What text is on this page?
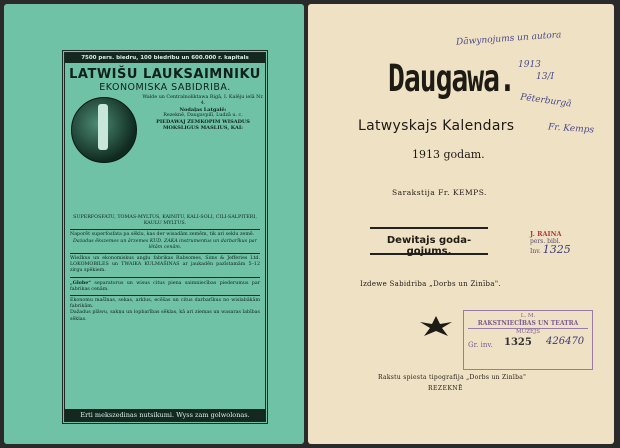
7500 pers. biedru, 100 biedrību un 600.000 r. kapitals
LATWIŠU LAUKSAIMNIKU
EKONOMISKA SABIDRIBA.
Walde un Centralnoliktawa Rigā, I. Kalēju ielā Nr. 4.
Nodaļas Latgalē:
Rezeknē, Daugavpilī, Ludzā u. c.
PIEDAWAJ ZEMKOPIM WISADUS MOKSLIGUS MASLIUS, KAI:
SUPERFOSFATU, TOMAS-MYLTUS, KAINITU, KALI-SOLI, CILI-SALPITERI, KAULU MYLTUS.
Naporēt superfosfata pa sēklu, kas der wisadām zemēm, tik ari seklu zemē.
Dażadus ēkszemes un ārzemes KUD. ZAKA instrumentus un darbarīkus par lētām cenām.
Wiežkus un ekonomiskus angļu fabrikas Rabsomes, Sims & Jefferies Ltd. LOKOMOBILES un TWAIKA KULMAŠINAS ar jaukadēn pazīstamām 5–12 zirgu spēkiem.
„Globe“ separatorus un wisus citus piena saimniecības piederumus par fabrikas cenām.
Ekonomu mašīnas, sekas, arklus, ecēšas un citus darbarīkus no wislabākām fabrikām.
Dažadus plāwu, sakņu un lopbarības sēklas, kā ari ziemas un wasaras labības sēklas.
Erti mekszedinas nutsikumi. Wyss zam golwolonas.
Dāwynojums un autora
1913
13/I
Pēterburgā
Fr. Kemps
Daugawa.
Latwyskajs Kalendars
1913 godam.
Sarakstija Fr. KEMPS.
Dewitajs goda-gojums.
J. RAINA
pers. bibl.
Inv. 1325
Izdewe Sabidriba „Dorbs un Zinība".
L. M.
RAKSTNIECĪBAS UN TEATRA
MUZEJS
Gr. inv. 1325 426470
Rakstu spiesta tipografija „Dorbs un Zinība"
REZEKNĒ
